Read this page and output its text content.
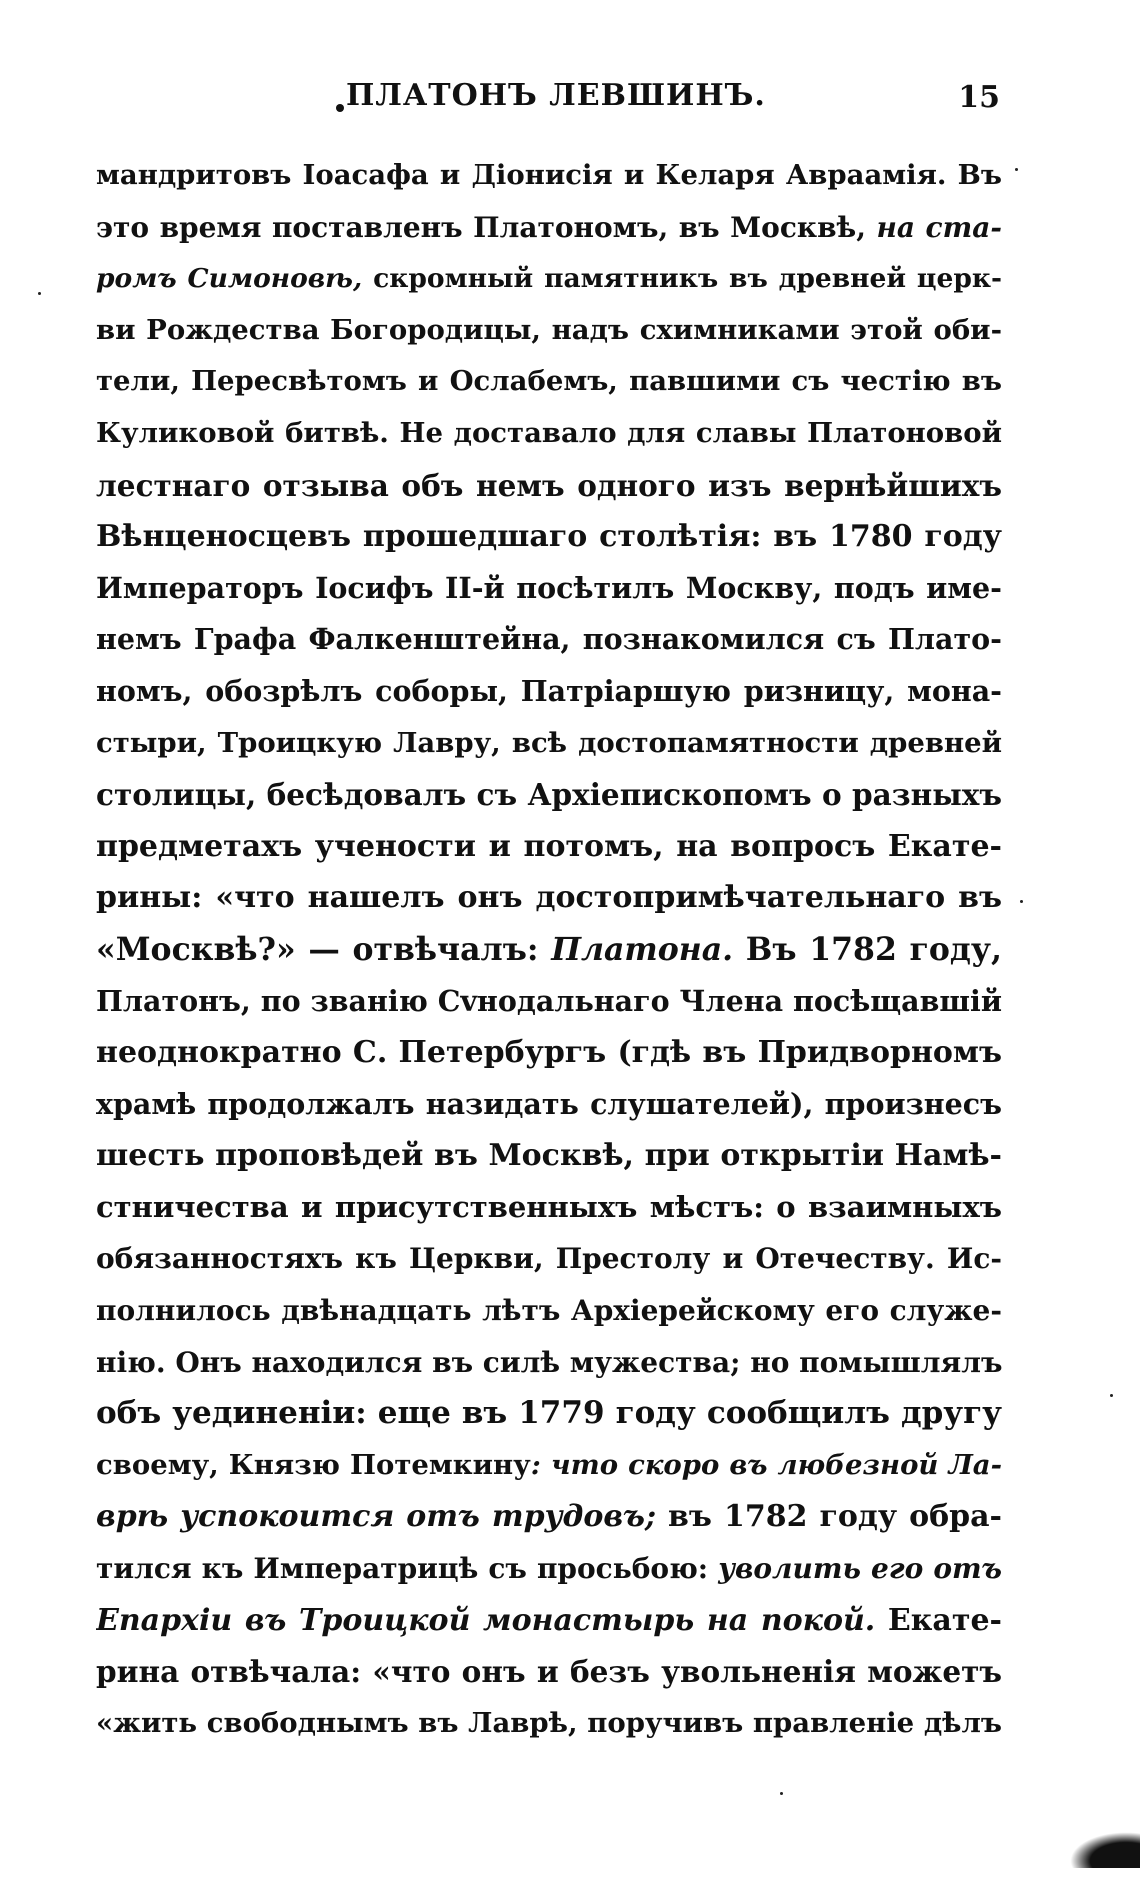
ПЛАТОНЪ ЛЕВШИНЪ.	15
мандритовъ Іоасафа и Діонисія и Келаря Авраамія. Въ
это время поставленъ Платономъ, въ Москвѣ, на ста-
ромъ Симоновѣ, скромный памятникъ въ древней церк-
ви Рождества Богородицы, надъ схимниками этой оби-
тели, Пересвѣтомъ и Ослабемъ, павшими съ честію въ
Куликовой битвѣ. Не доставало для славы Платоновой
лестнаго отзыва объ немъ одного изъ вернѣйшихъ
Вѣнценосцевъ прошедшаго столѣтія: въ 1780 году
Императоръ Іосифъ II-й посѣтилъ Москву, подъ име-
немъ Графа Фалкенштейна, познакомился съ Плато-
номъ, обозрѣлъ соборы, Патріаршую ризницу, мона-
стыри, Троицкую Лавру, всѣ достопамятности древней
столицы, бесѣдовалъ съ Архіепископомъ о разныхъ
предметахъ учености и потомъ, на вопросъ Екате-
рины: «что нашелъ онъ достопримѣчательнаго въ
«Москвѣ?» — отвѣчалъ: Платона. Въ 1782 году,
Платонъ, по званію Сvнодальнаго Члена посѣщавшій
неоднократно С. Петербургъ (гдѣ въ Придворномъ
храмѣ продолжалъ назидать слушателей), произнесъ
шесть проповѣдей въ Москвѣ, при открытіи Намѣ-
стничества и присутственныхъ мѣстъ: о взаимныхъ
обязанностяхъ къ Церкви, Престолу и Отечеству. Ис-
полнилось двѣнадцать лѣтъ Архіерейскому его служе-
нію. Онъ находился въ силѣ мужества; но помышлялъ
объ уединеніи: еще въ 1779 году сообщилъ другу
своему, Князю Потемкину: что скоро въ любезной Ла-
врѣ успокоится отъ трудовъ; въ 1782 году обра-
тился къ Императрицѣ съ просьбою: уволить его отъ
Епархіи въ Троицкой монастырь на покой. Екате-
рина отвѣчала: «что онъ и безъ увольненія можетъ
«жить свободнымъ въ Лаврѣ, поручивъ правленіе дѣлъ
